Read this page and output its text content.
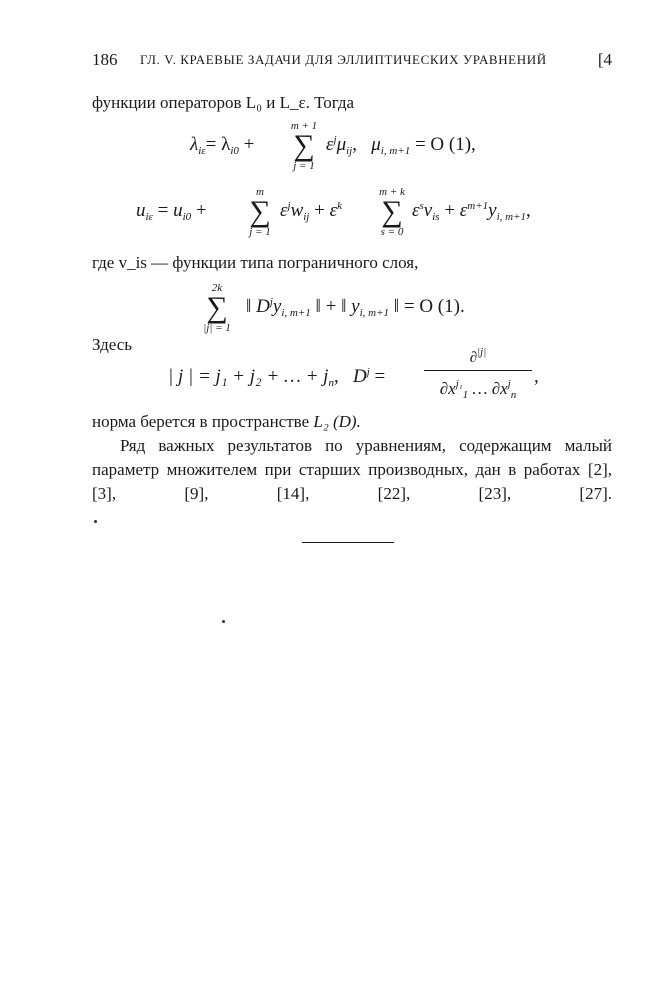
186 ГЛ. V. КРАЕВЫЕ ЗАДАЧИ ДЛЯ ЭЛЛИПТИЧЕСКИХ УРАВНЕНИЙ	[4

функции операторов L₀ и L_ε. Тогда

$\lambda_{i\varepsilon}= \lambda_{i0}$ +
m + 1
∑
j = 1
$\varepsilon^j\mu_{ij}$,   $\mu_{i, m+1} = O$ (1),
$u_{i\varepsilon} = u_{i0}$ +
m
∑
j = 1
$\varepsilon^jw_{ij} + \varepsilon^k$
m + k
∑
s = 0
$\varepsilon^sv_{is} + \varepsilon^{m+1}y_{i, m+1}$,

где v_is — функции типа пограничного слоя,

2k
∑
|j| = 1
‖ $D^jy_{i, m+1}$ ‖ + ‖ $y_{i, m+1}$ ‖ = O (1).

Здесь

| j | = j₁ + j₂ + … + $j_n$,   $D^j$ =
∂$^{|j|}$
$\partial x^{j_1}_1$ … $\partial x^j_n$
,

норма берется в пространстве L₂ (D).

Ряд важных результатов по уравнениям, содержащим малый параметр множителем при старших производных, дан в работах [2], [3], [9], [14], [22], [23], [27].
